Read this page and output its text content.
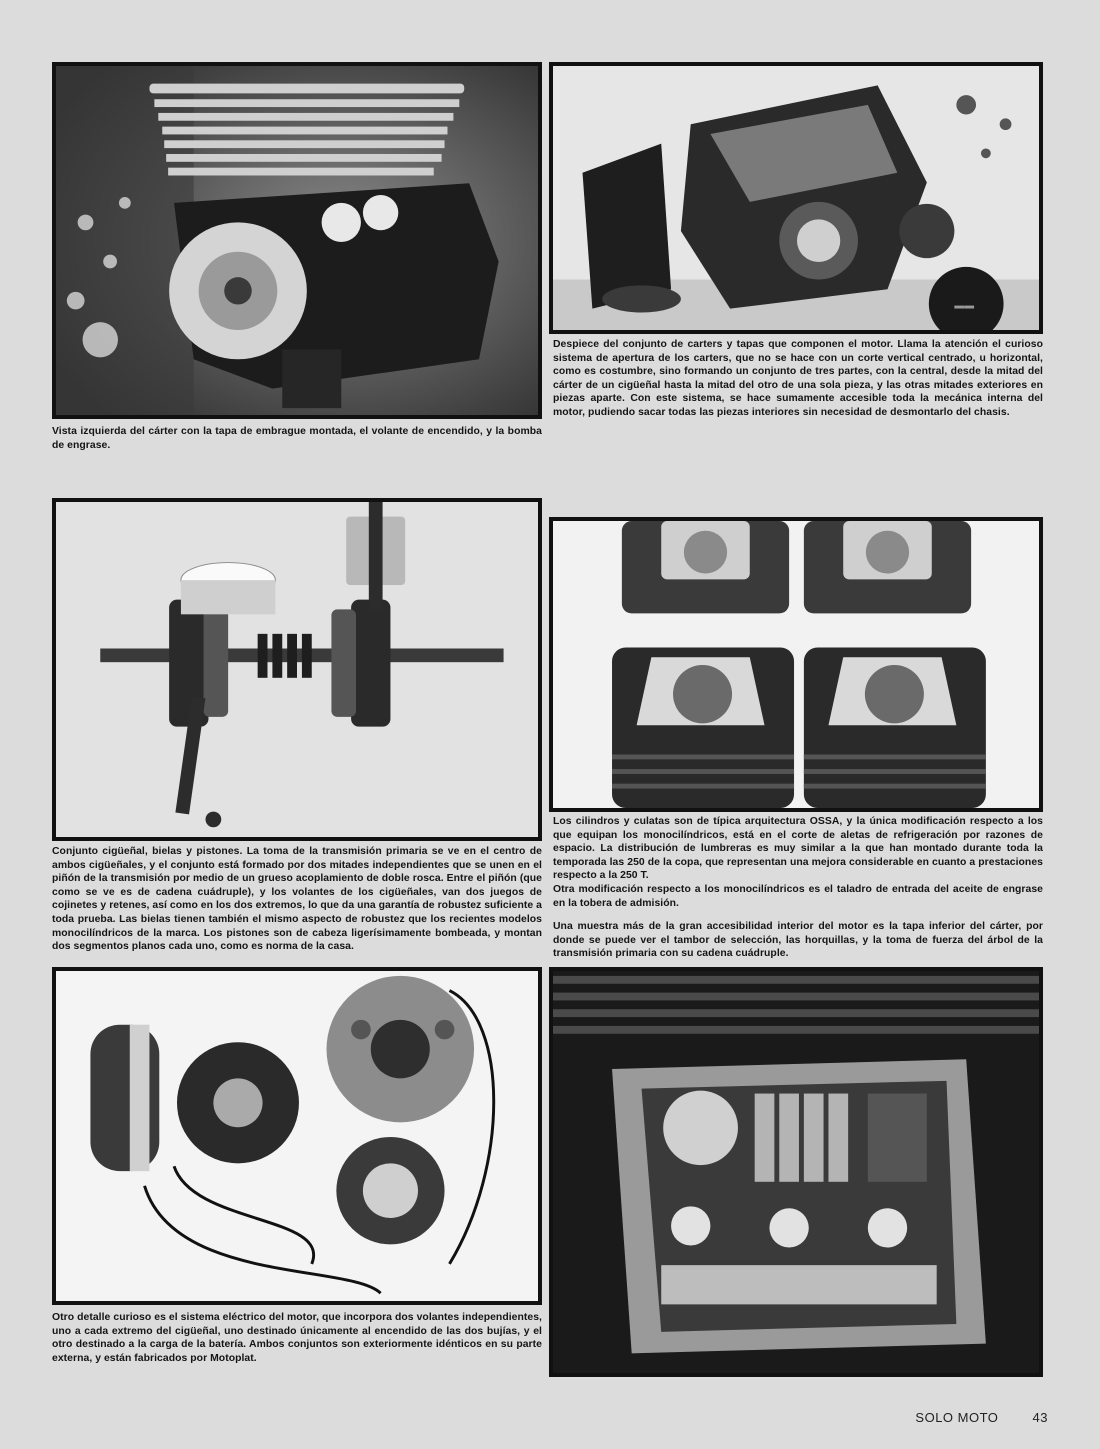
▬▬

Vista izquierda del cárter con la tapa de embrague montada, el volante de encendido, y la bomba de engrase.

Despiece del conjunto de carters y tapas que componen el motor. Llama la atención el curioso sistema de apertura de los carters, que no se hace con un corte vertical centrado, u horizontal, como es costumbre, sino formando un conjunto de tres partes, con la central, desde la mitad del cárter de un cigüeñal hasta la mitad del otro de una sola pieza, y las otras mitades exteriores en piezas aparte. Con este sistema, se hace sumamente accesible toda la mecánica interna del motor, pudiendo sacar todas las piezas interiores sin necesidad de desmontarlo del chasis.

Conjunto cigüeñal, bielas y pistones. La toma de la transmisión primaria se ve en el centro de ambos cigüeñales, y el conjunto está formado por dos mitades independientes que se unen en el piñón de la transmisión por medio de un grueso acoplamiento de doble rosca. Entre el piñón (que como se ve es de cadena cuádruple), y los volantes de los cigüeñales, van dos juegos de cojinetes y retenes, así como en los dos extremos, lo que da una garantía de robustez suficiente a toda prueba. Las bielas tienen también el mismo aspecto de robustez que los recientes modelos monocilíndricos de la marca. Los pistones son de cabeza ligerísimamente bombeada, y montan dos segmentos planos cada uno, como es norma de la casa.

Los cilindros y culatas son de típica arquitectura OSSA, y la única modificación respecto a los que equipan los monocilíndricos, está en el corte de aletas de refrigeración por razones de espacio. La distribución de lumbreras es muy similar a la que han montado durante toda la temporada las 250 de la copa, que representan una mejora considerable en cuanto a prestaciones respecto a la 250 T.

Otra modificación respecto a los monocilíndricos es el taladro de entrada del aceite de engrase en la tobera de admisión.

Una muestra más de la gran accesibilidad interior del motor es la tapa inferior del cárter, por donde se puede ver el tambor de selección, las horquillas, y la toma de fuerza del árbol de la transmisión primaria con su cadena cuádruple.

Otro detalle curioso es el sistema eléctrico del motor, que incorpora dos volantes independientes, uno a cada extremo del cigüeñal, uno destinado únicamente al encendido de las dos bujías, y el otro destinado a la carga de la batería. Ambos conjuntos son exteriormente idénticos en su parte externa, y están fabricados por Motoplat.

SOLO MOTO	43
